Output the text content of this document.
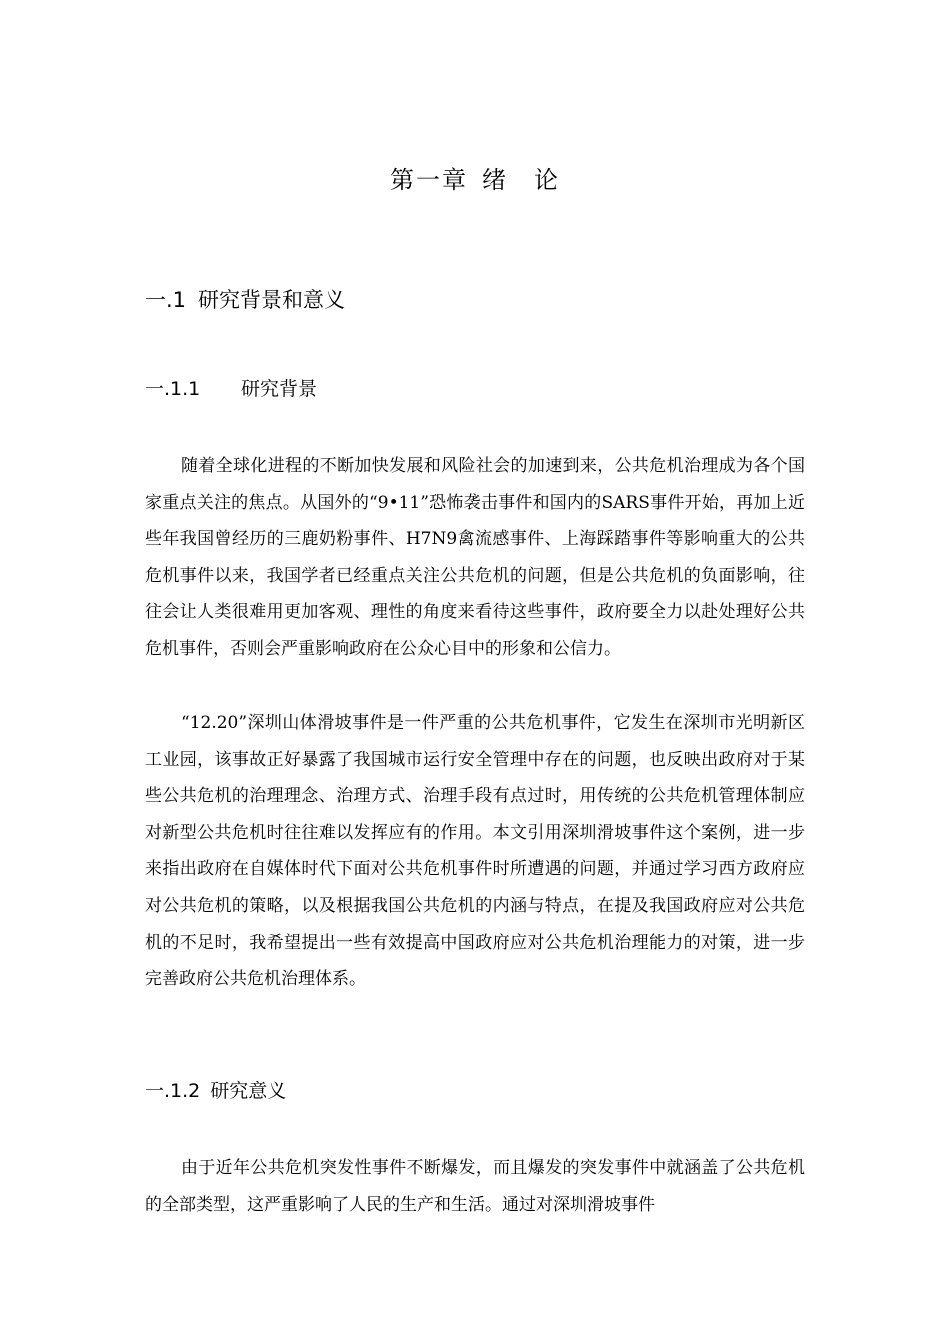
第一章 绪　论
一.1 研究背景和意义
一.1.1 研究背景

随着全球化进程的不断加快发展和风险社会的加速到来，公共危机治理成为各个国家重点关注的焦点。从国外的“9•11”恐怖袭击事件和国内的SARS事件开始，再加上近些年我国曾经历的三鹿奶粉事件、H7N9禽流感事件、上海踩踏事件等影响重大的公共危机事件以来，我国学者已经重点关注公共危机的问题，但是公共危机的负面影响，往往会让人类很难用更加客观、理性的角度来看待这些事件，政府要全力以赴处理好公共危机事件，否则会严重影响政府在公众心目中的形象和公信力。

“12.20”深圳山体滑坡事件是一件严重的公共危机事件，它发生在深圳市光明新区工业园，该事故正好暴露了我国城市运行安全管理中存在的问题，也反映出政府对于某些公共危机的治理理念、治理方式、治理手段有点过时，用传统的公共危机管理体制应对新型公共危机时往往难以发挥应有的作用。本文引用深圳滑坡事件这个案例，进一步来指出政府在自媒体时代下面对公共危机事件时所遭遇的问题，并通过学习西方政府应对公共危机的策略，以及根据我国公共危机的内涵与特点，在提及我国政府应对公共危机的不足时，我希望提出一些有效提高中国政府应对公共危机治理能力的对策，进一步完善政府公共危机治理体系。

一.1.2 研究意义

由于近年公共危机突发性事件不断爆发，而且爆发的突发事件中就涵盖了公共危机的全部类型，这严重影响了人民的生产和生活。通过对深圳滑坡事件
